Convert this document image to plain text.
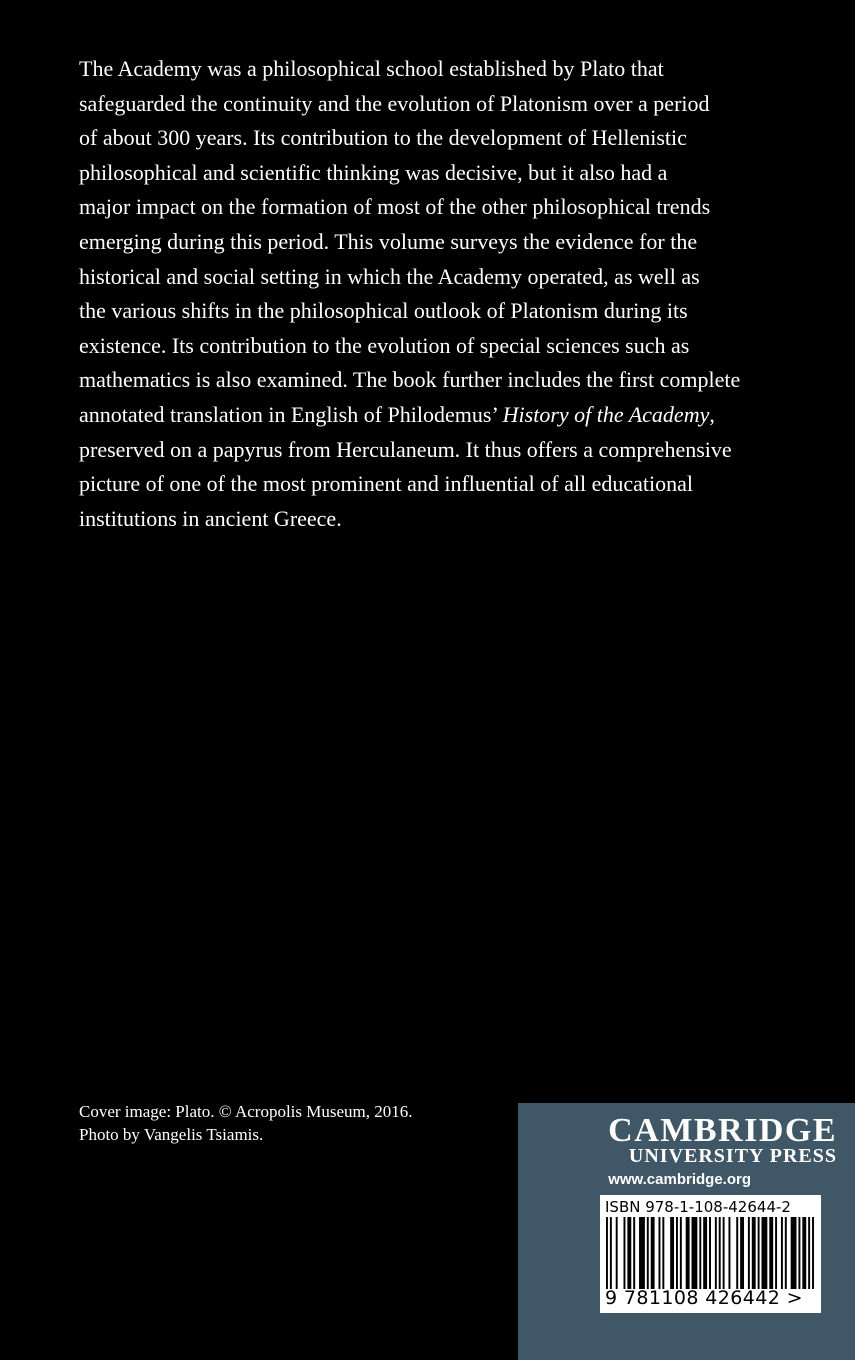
The Academy was a philosophical school established by Plato that
safeguarded the continuity and the evolution of Platonism over a period
of about 300 years. Its contribution to the development of Hellenistic
philosophical and scientific thinking was decisive, but it also had a
major impact on the formation of most of the other philosophical trends
emerging during this period. This volume surveys the evidence for the
historical and social setting in which the Academy operated, as well as
the various shifts in the philosophical outlook of Platonism during its
existence. Its contribution to the evolution of special sciences such as
mathematics is also examined. The book further includes the first complete
annotated translation in English of Philodemus’ History of the Academy,
preserved on a papyrus from Herculaneum. It thus offers a comprehensive
picture of one of the most prominent and influential of all educational
institutions in ancient Greece.
Cover image: Plato. © Acropolis Museum, 2016.
Photo by Vangelis Tsiamis.	CAMBRIDGE
UNIVERSITY PRESS
www.cambridge.org
ISBN 978-1-108-42644-2
9 781108 426442 >
